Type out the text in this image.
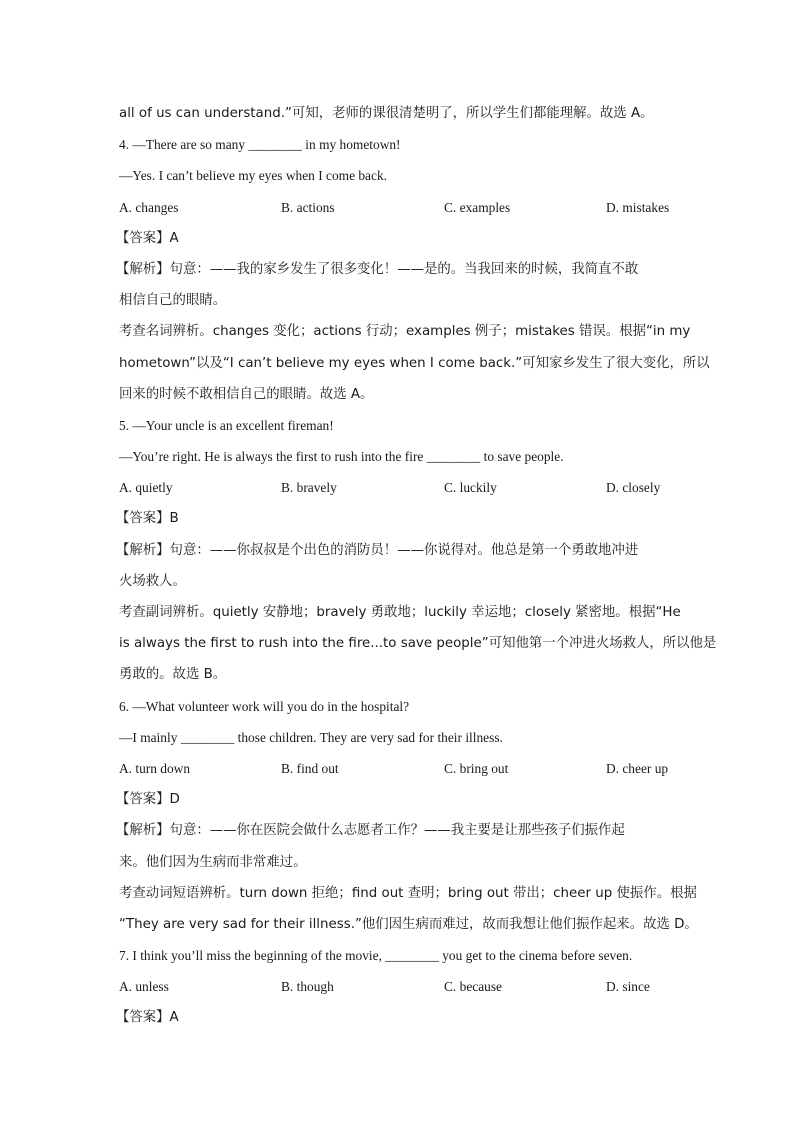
all of us can understand.”可知，老师的课很清楚明了，所以学生们都能理解。故选 A。
4. —There are so many ________ in my hometown!
—Yes. I can’t believe my eyes when I come back.
A. changes	B. actions	C. examples	D. mistakes
【答案】A
【解析】句意：——我的家乡发生了很多变化！——是的。当我回来的时候，我简直不敢
相信自己的眼睛。
考查名词辨析。changes 变化；actions 行动；examples 例子；mistakes 错误。根据“in my
hometown”以及“I can’t believe my eyes when I come back.”可知家乡发生了很大变化，所以
回来的时候不敢相信自己的眼睛。故选 A。
5. —Your uncle is an excellent fireman!
—You’re right. He is always the first to rush into the fire ________ to save people.
A. quietly	B. bravely	C. luckily	D. closely
【答案】B
【解析】句意：——你叔叔是个出色的消防员！——你说得对。他总是第一个勇敢地冲进
火场救人。
考查副词辨析。quietly 安静地；bravely 勇敢地；luckily 幸运地；closely 紧密地。根据“He
is always the first to rush into the fire...to save people”可知他第一个冲进火场救人，所以他是
勇敢的。故选 B。
6. —What volunteer work will you do in the hospital?
—I mainly ________ those children. They are very sad for their illness.
A. turn down	B. find out	C. bring out	D. cheer up
【答案】D
【解析】句意：——你在医院会做什么志愿者工作？——我主要是让那些孩子们振作起
来。他们因为生病而非常难过。
考查动词短语辨析。turn down 拒绝；find out 查明；bring out 带出；cheer up 使振作。根据
“They are very sad for their illness.”他们因生病而难过，故而我想让他们振作起来。故选 D。
7. I think you’ll miss the beginning of the movie, ________ you get to the cinema before seven.
A. unless	B. though	C. because	D. since
【答案】A
